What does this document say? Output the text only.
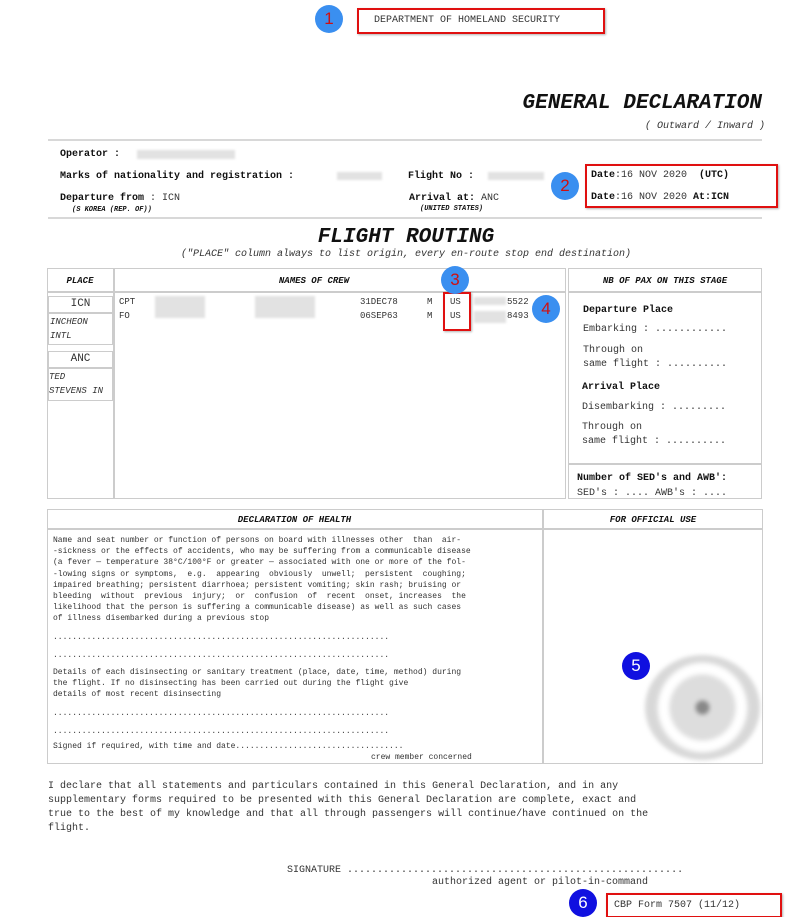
DEPARTMENT OF HOMELAND SECURITY
1
GENERAL DECLARATION
( Outward / Inward )
Operator :
Marks of nationality and registration :	Flight No :
Departure from : ICN
(S KOREA (REP. OF))
Arrival at: ANC
(UNITED STATES)
Date:16 NOV 2020 (UTC)
Date:16 NOV 2020 At:ICN
2
FLIGHT ROUTING
("PLACE" column always to list origin, every en-route stop end destination)
PLACE	NAMES OF CREW
ICN
INCHEON
INTL
ANC
TED
STEVENS IN
CPT	31DEC78	M US	5522
FO	06SEP63	M US	8493
3
4
NB OF PAX ON THIS STAGE
Departure Place
Embarking : ............
Through on
same flight : ..........
Arrival Place
Disembarking : .........
Through on
same flight : ..........
Number of SED's and AWB':
SED's : .... AWB's : ....
DECLARATION OF HEALTH	FOR OFFICIAL USE
Name and seat number or function of persons on board with illnesses other  than  air-
-sickness or the effects of accidents, who may be suffering from a communicable disease
(a fever — temperature 38°C/100°F or greater — associated with one or more of the fol-
-lowing signs or symptoms,  e.g.  appearing  obviously  unwell;  persistent  coughing;
impaired breathing; persistent diarrhoea; persistent vomiting; skin rash; bruising or
bleeding  without  previous  injury;  or  confusion  of  recent  onset, increases  the
likelihood that the person is suffering a communicable disease) as well as such cases
of illness disembarked during a previous stop
......................................................................
......................................................................
Details of each disinsecting or sanitary treatment (place, date, time, method) during
the flight. If no disinsecting has been carried out during the flight give
details of most recent disinsecting
......................................................................
......................................................................
Signed if required, with time and date...................................
crew member concerned
5
I declare that all statements and particulars contained in this General Declaration, and in any
supplementary forms required to be presented with this General Declaration are complete, exact and
true to the best of my knowledge and that all through passengers will continue/have continued on the
flight.
SIGNATURE ........................................................
authorized agent or pilot-in-command
CBP Form 7507 (11/12)
6
